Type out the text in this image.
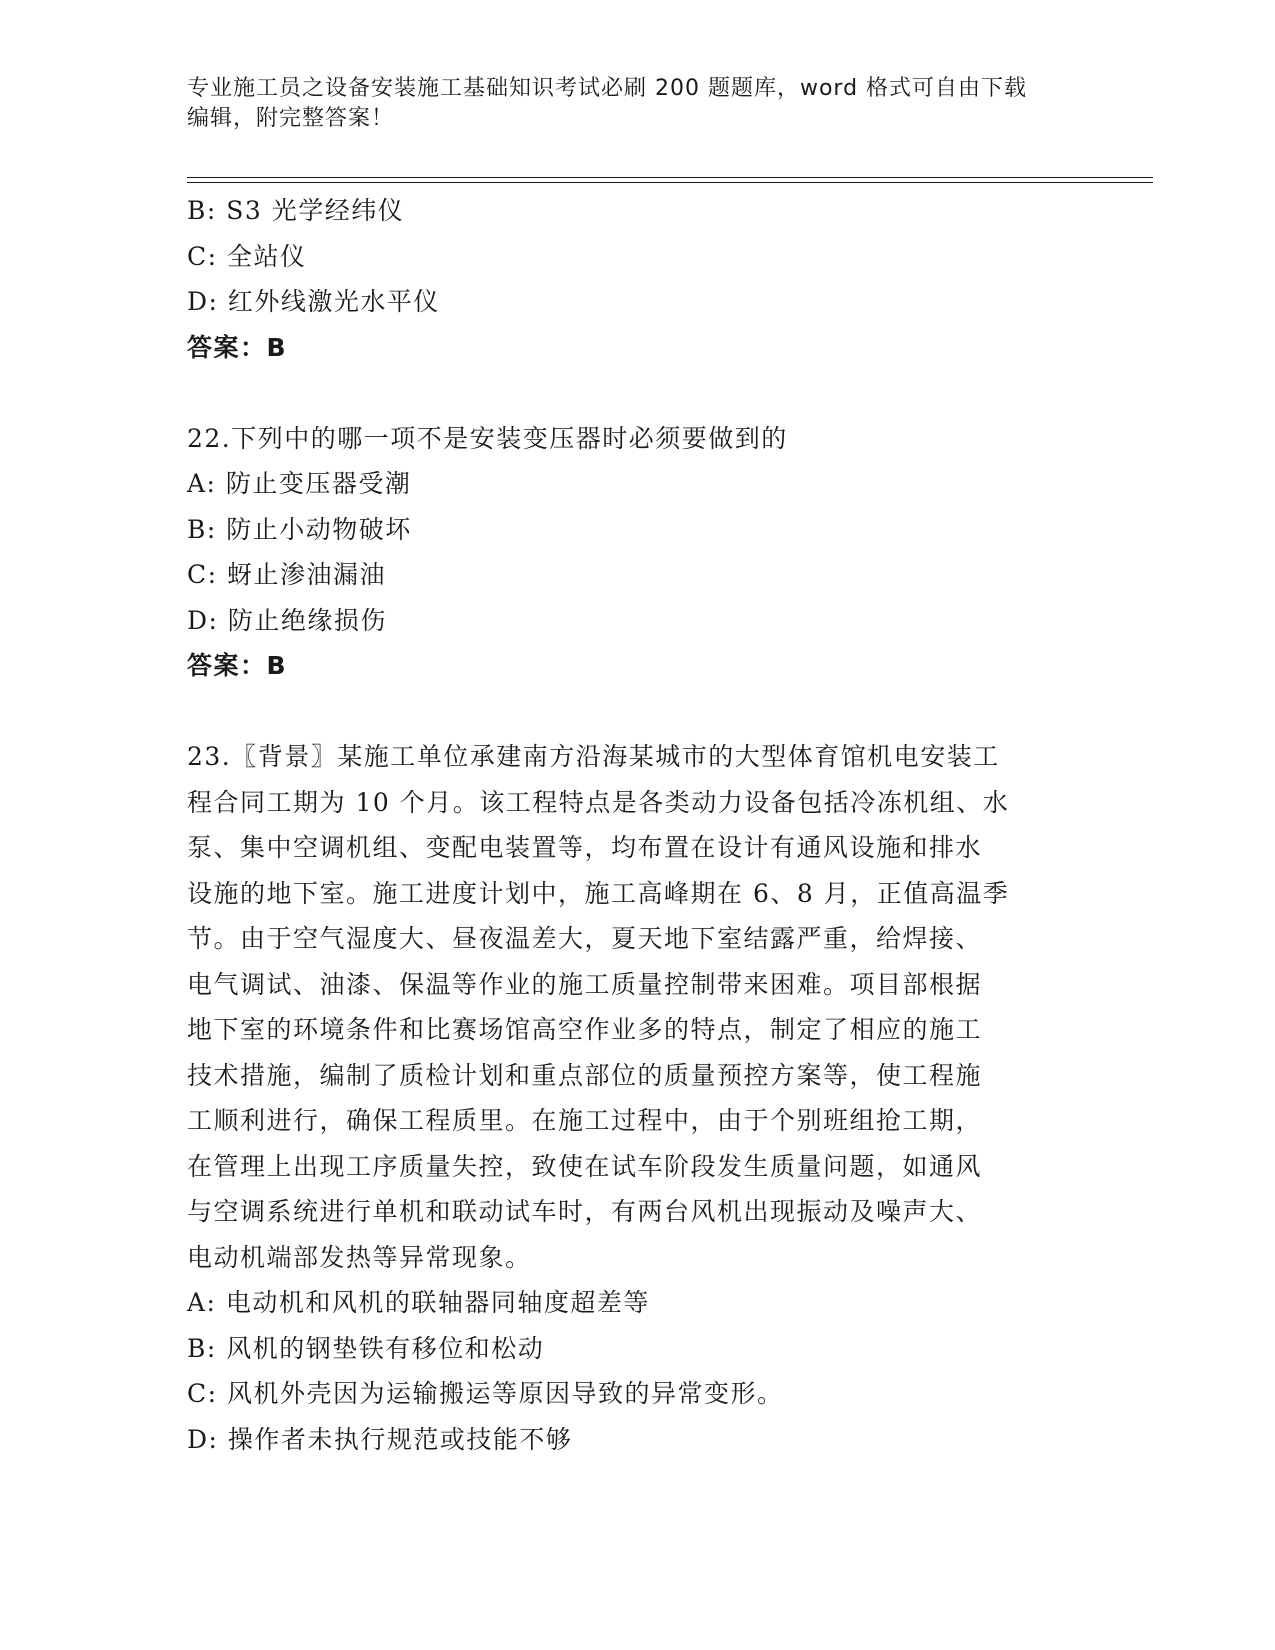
专业施工员之设备安装施工基础知识考试必刷 200 题题库，word 格式可自由下载
编辑，附完整答案！

B: S3 光学经纬仪

C: 全站仪

D: 红外线激光水平仪

答案：B

22.下列中的哪一项不是安装变压器时必须要做到的

A: 防止变压器受潮

B: 防止小动物破坏

C: 蚜止渗油漏油

D: 防止绝缘损伤

答案：B

23.〖背景〗某施工单位承建南方沿海某城市的大型体育馆机电安装工

程合同工期为 10 个月。该工程特点是各类动力设备包括冷冻机组、水

泵、集中空调机组、变配电装置等，均布置在设计有通风设施和排水

设施的地下室。施工进度计划中，施工高峰期在 6、8 月，正值高温季

节。由于空气湿度大、昼夜温差大，夏天地下室结露严重，给焊接、

电气调试、油漆、保温等作业的施工质量控制带来困难。项目部根据

地下室的环境条件和比赛场馆高空作业多的特点，制定了相应的施工

技术措施，编制了质检计划和重点部位的质量预控方案等，使工程施

工顺利进行，确保工程质里。在施工过程中，由于个别班组抢工期，

在管理上出现工序质量失控，致使在试车阶段发生质量问题，如通风

与空调系统进行单机和联动试车时，有两台风机出现振动及噪声大、

电动机端部发热等异常现象。

A: 电动机和风机的联轴器同轴度超差等

B: 风机的钢垫铁有移位和松动

C: 风机外壳因为运输搬运等原因导致的异常变形。

D: 操作者未执行规范或技能不够
